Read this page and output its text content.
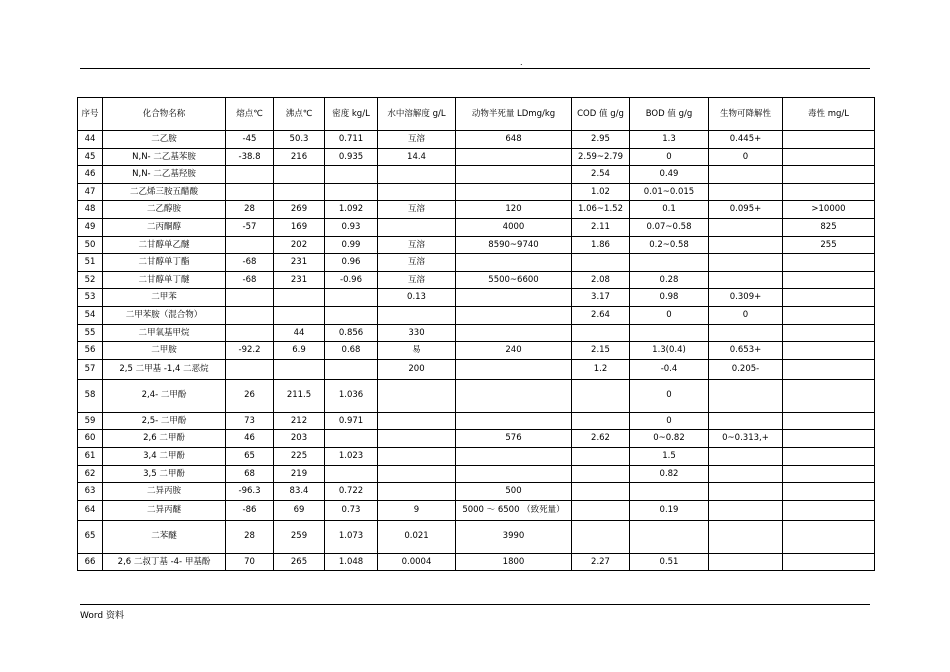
.
序号	化合物名称	熔点℃	沸点℃	密度 kg/L	水中溶解度 g/L	动物半死量 LDmg/kg	COD 值 g/g	BOD 值 g/g	生物可降解性	毒性 mg/L
44	二乙胺	-45	50.3	0.711	互溶	648	2.95	1.3	0.445+	
45	N,N- 二乙基苯胺	-38.8	216	0.935	14.4		2.59~2.79	0	0	
46	N,N- 二乙基羟胺						2.54	0.49		
47	二乙烯三胺五醋酸						1.02	0.01~0.015		
48	二乙醇胺	28	269	1.092	互溶	120	1.06~1.52	0.1	0.095+	>10000
49	二丙酮醇	-57	169	0.93		4000	2.11	0.07~0.58		825
50	二甘醇单乙醚		202	0.99	互溶	8590~9740	1.86	0.2~0.58		255
51	二甘醇单丁酯	-68	231	0.96	互溶					
52	二甘醇单丁醚	-68	231	-0.96	互溶	5500~6600	2.08	0.28		
53	二甲苯				0.13		3.17	0.98	0.309+	
54	二甲苯胺（混合物）						2.64	0	0	
55	二甲氧基甲烷		44	0.856	330					
56	二甲胺	-92.2	6.9	0.68	易	240	2.15	1.3(0.4)	0.653+	
57	2,5 二甲基 -1,4 二恶烷				200		1.2	-0.4	0.205-	
58	2,4- 二甲酚	26	211.5	1.036				0		
59	2,5- 二甲酚	73	212	0.971				0		
60	2,6 二甲酚	46	203			576	2.62	0~0.82	0~0.313,+	
61	3,4 二甲酚	65	225	1.023				1.5		
62	3,5 二甲酚	68	219					0.82		
63	二异丙胺	-96.3	83.4	0.722		500				
64	二异丙醚	-86	69	0.73	9	5000 ～ 6500 （致死量）		0.19		
65	二苯醚	28	259	1.073	0.021	3990				
66	2,6 二叔丁基 -4- 甲基酚	70	265	1.048	0.0004	1800	2.27	0.51		
Word 资料
